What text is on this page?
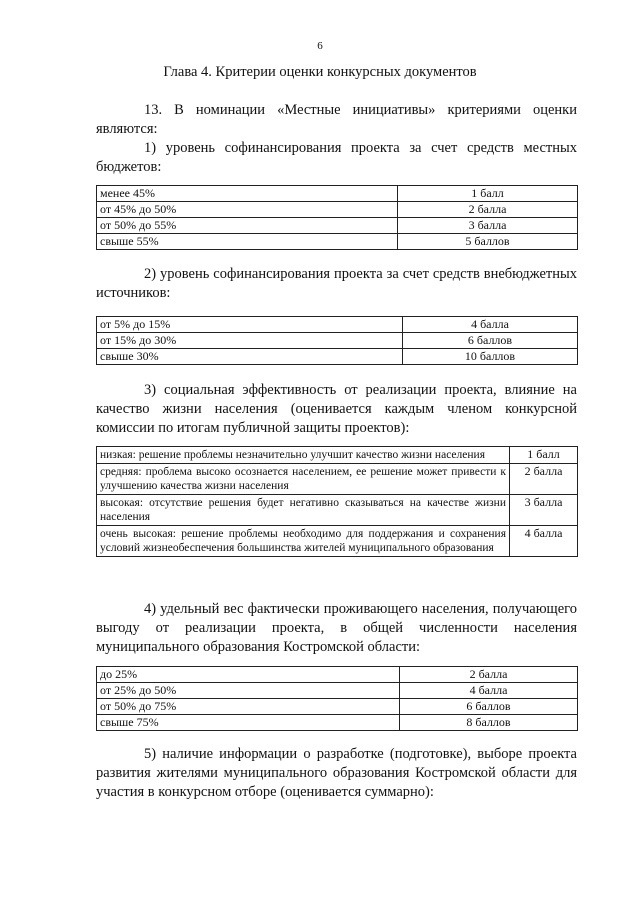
6
Глава 4. Критерии оценки конкурсных документов

13. В номинации «Местные инициативы» критериями оценки являются:

1) уровень софинансирования проекта за счет средств местных бюджетов:

менее 45%	1 балл
от 45% до 50%	2 балла
от 50% до 55%	3 балла
свыше 55%	5 баллов

2) уровень софинансирования проекта за счет средств внебюджетных источников:

от 5% до 15%	4 балла
от 15% до 30%	6 баллов
свыше 30%	10 баллов

3) социальная эффективность от реализации проекта, влияние на качество жизни населения (оценивается каждым членом конкурсной комиссии по итогам публичной защиты проектов):

низкая: решение проблемы незначительно улучшит качество жизни населения	1 балл
средняя: проблема высоко осознается населением, ее решение может привести к улучшению качества жизни населения	2 балла
высокая: отсутствие решения будет негативно сказываться на качестве жизни населения	3 балла
очень высокая: решение проблемы необходимо для поддержания и сохранения условий жизнеобеспечения большинства жителей муниципального образования	4 балла

4) удельный вес фактически проживающего населения, получающего выгоду от реализации проекта, в общей численности населения муниципального образования Костромской области:

до 25%	2 балла
от 25% до 50%	4 балла
от 50% до 75%	6 баллов
свыше 75%	8 баллов

5) наличие информации о разработке (подготовке), выборе проекта развития жителями муниципального образования Костромской области для участия в конкурсном отборе (оценивается суммарно):
